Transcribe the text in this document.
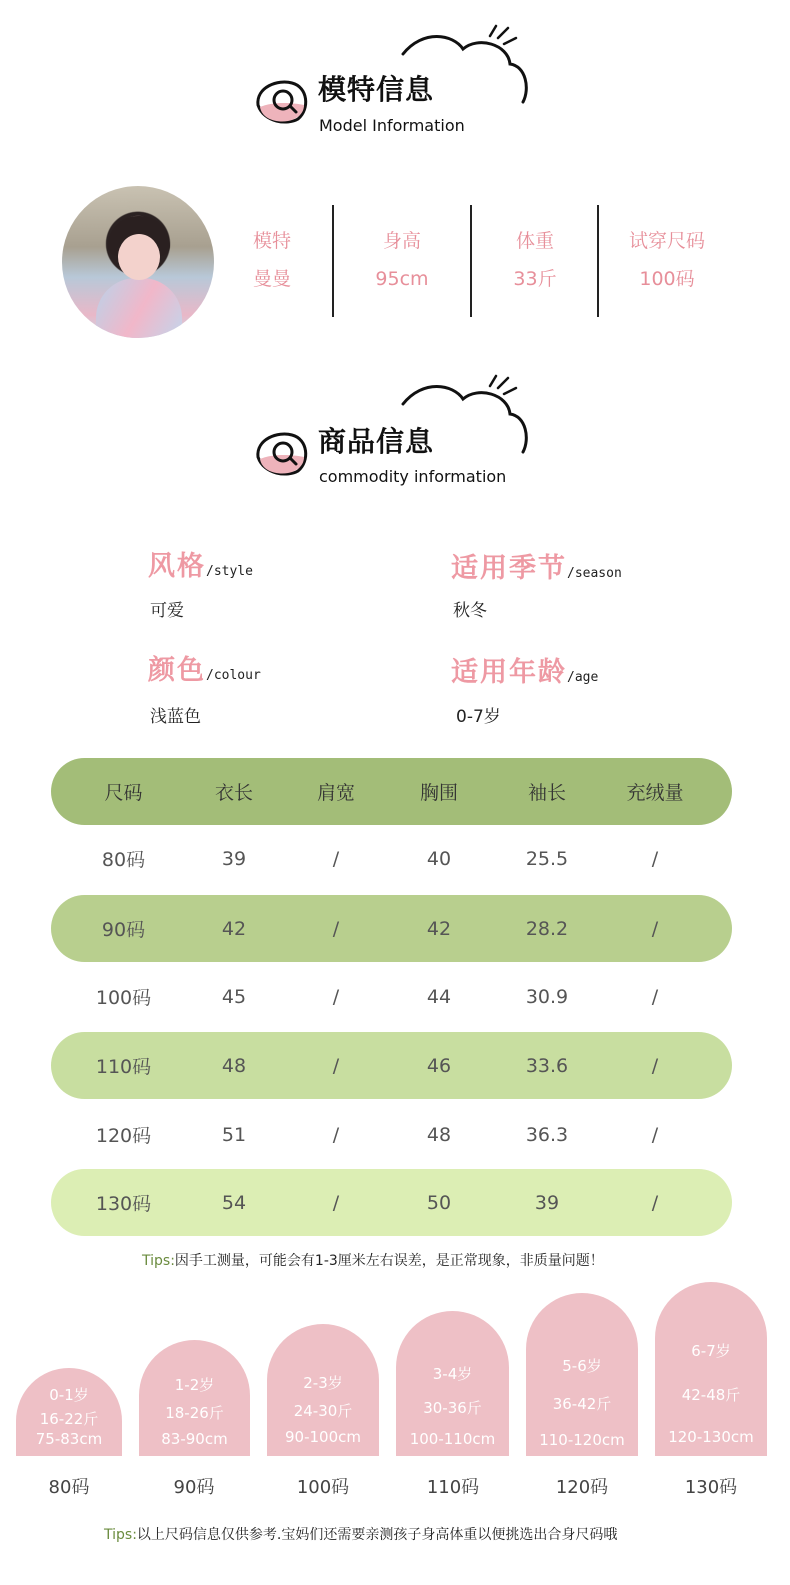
模特信息
Model Information
模特
曼曼
身高
95cm
体重
33斤
试穿尺码
100码
商品信息
commodity information
风格/style
可爱
适用季节/season
秋冬
颜色/colour
浅蓝色
适用年龄/age
0-7岁
尺码	衣长	肩宽	胸围	袖长	充绒量
80码	39	/	40	25.5	/
90码	42	/	42	28.2	/
100码	45	/	44	30.9	/
110码	48	/	46	33.6	/
120码	51	/	48	36.3	/
130码	54	/	50	39	/
Tips:因手工测量，可能会有1-3厘米左右误差，是正常现象，非质量问题！
0-1岁
16-22斤
75-83cm
1-2岁
18-26斤
83-90cm
2-3岁
24-30斤
90-100cm
3-4岁
30-36斤
100-110cm
5-6岁
36-42斤
110-120cm
6-7岁
42-48斤
120-130cm
80码	90码	100码	110码	120码	130码
Tips:以上尺码信息仅供参考.宝妈们还需要亲测孩子身高体重以便挑选出合身尺码哦
